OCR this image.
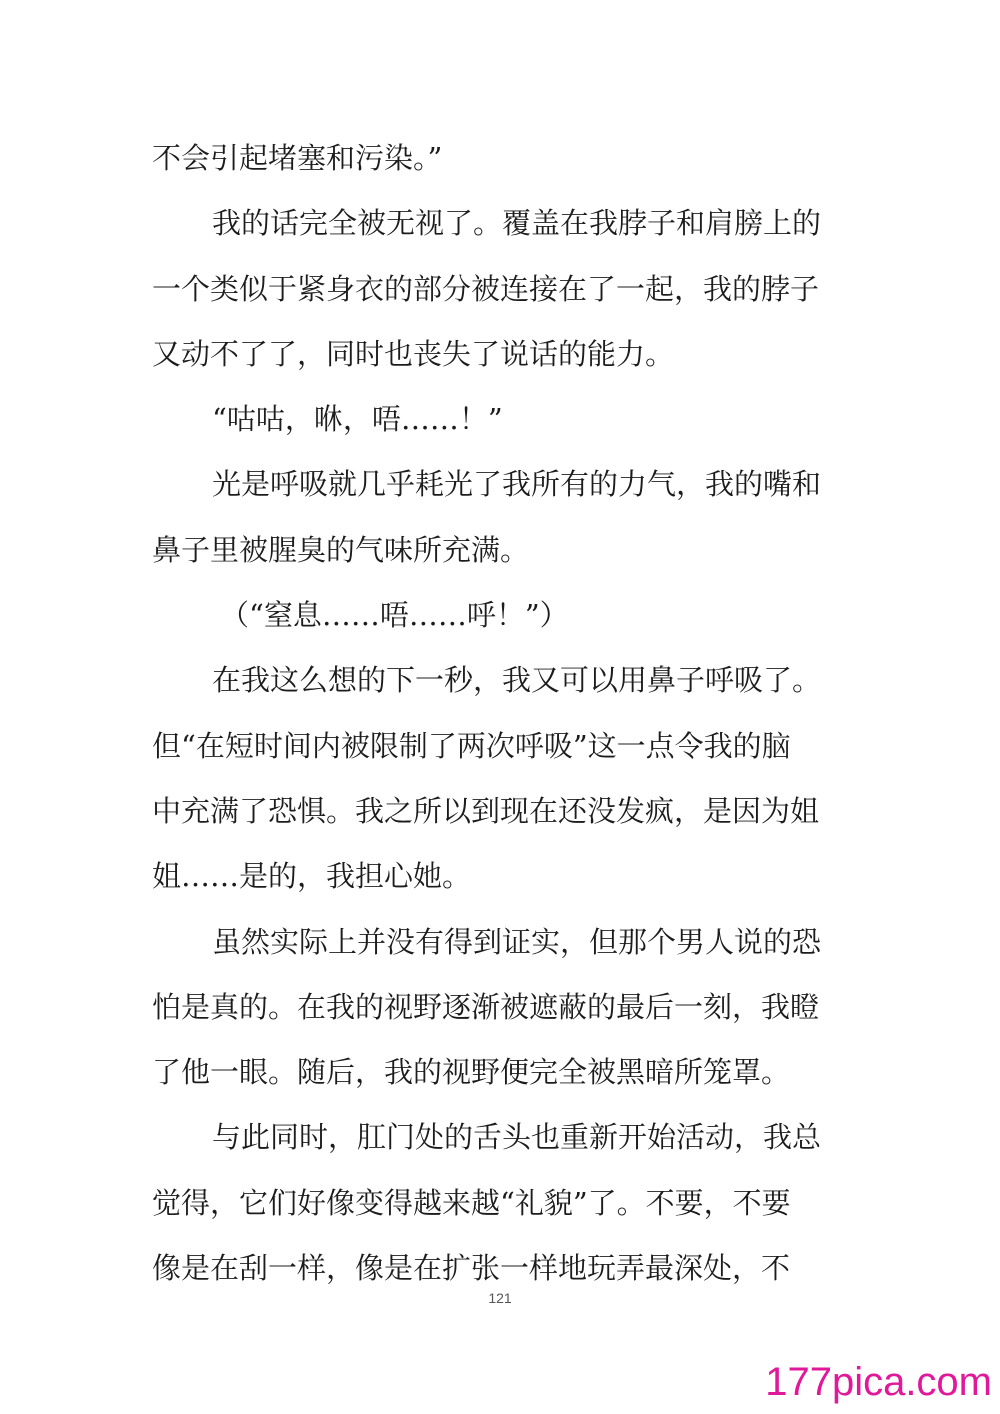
不会引起堵塞和污染。”
我的话完全被无视了。覆盖在我脖子和肩膀上的
一个类似于紧身衣的部分被连接在了一起，我的脖子
又动不了了，同时也丧失了说话的能力。
“咕咕，咻，唔……！”
光是呼吸就几乎耗光了我所有的力气，我的嘴和
鼻子里被腥臭的气味所充满。
（“窒息……唔……呼！”）
在我这么想的下一秒，我又可以用鼻子呼吸了。
但“在短时间内被限制了两次呼吸”这一点令我的脑
中充满了恐惧。我之所以到现在还没发疯，是因为姐
姐……是的，我担心她。
虽然实际上并没有得到证实，但那个男人说的恐
怕是真的。在我的视野逐渐被遮蔽的最后一刻，我瞪
了他一眼。随后，我的视野便完全被黑暗所笼罩。
与此同时，肛门处的舌头也重新开始活动，我总
觉得，它们好像变得越来越“礼貌”了。不要，不要
像是在刮一样，像是在扩张一样地玩弄最深处，不
121
177pica.com
